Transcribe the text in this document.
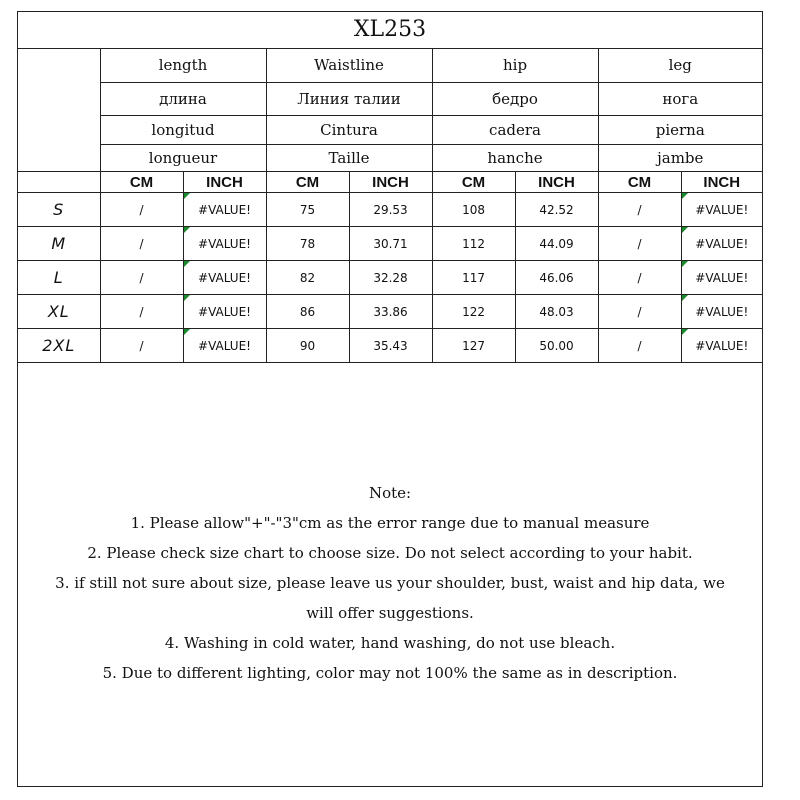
XL253
	length		Waistline		hip		leg	
	длина		Линия талии		бедро		нога	
	longitud		Cintura		cadera		pierna	
	longueur		Taille		hanche		jambe	
	CM	INCH	CM	INCH	CM	INCH	CM	INCH
S	/	#VALUE!	75	29.53	108	42.52	/	#VALUE!
M	/	#VALUE!	78	30.71	112	44.09	/	#VALUE!
L	/	#VALUE!	82	32.28	117	46.06	/	#VALUE!
XL	/	#VALUE!	86	33.86	122	48.03	/	#VALUE!
2XL	/	#VALUE!	90	35.43	127	50.00	/	#VALUE!
Note:
1. Please allow"+"-"3"cm as the error range due to manual measure
2. Please check size chart to choose size. Do not select according to your habit.
3. if still not sure about size, please leave us your shoulder, bust, waist and hip data, we
will offer suggestions.
4. Washing in cold water, hand washing, do not use bleach.
5. Due to different lighting, color may not 100% the same as in description.
